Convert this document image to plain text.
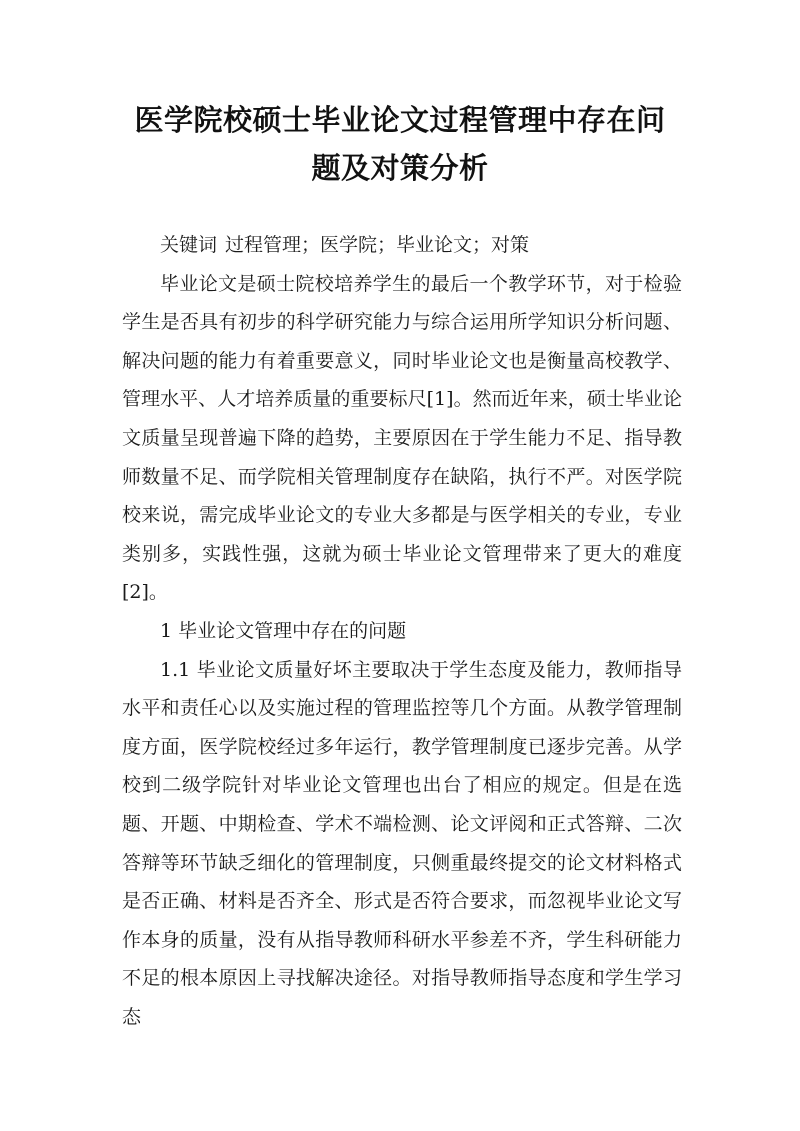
医学院校硕士毕业论文过程管理中存在问
题及对策分析

关键词 过程管理；医学院；毕业论文；对策

毕业论文是硕士院校培养学生的最后一个教学环节，对于检验学生是否具有初步的科学研究能力与综合运用所学知识分析问题、解决问题的能力有着重要意义，同时毕业论文也是衡量高校教学、管理水平、人才培养质量的重要标尺[1]。然而近年来，硕士毕业论文质量呈现普遍下降的趋势，主要原因在于学生能力不足、指导教师数量不足、而学院相关管理制度存在缺陷，执行不严。对医学院校来说，需完成毕业论文的专业大多都是与医学相关的专业，专业类别多，实践性强，这就为硕士毕业论文管理带来了更大的难度[2]。

1 毕业论文管理中存在的问题

1.1 毕业论文质量好坏主要取决于学生态度及能力，教师指导水平和责任心以及实施过程的管理监控等几个方面。从教学管理制度方面，医学院校经过多年运行，教学管理制度已逐步完善。从学校到二级学院针对毕业论文管理也出台了相应的规定。但是在选题、开题、中期检查、学术不端检测、论文评阅和正式答辩、二次答辩等环节缺乏细化的管理制度，只侧重最终提交的论文材料格式是否正确、材料是否齐全、形式是否符合要求，而忽视毕业论文写作本身的质量，没有从指导教师科研水平参差不齐，学生科研能力不足的根本原因上寻找解决途径。对指导教师指导态度和学生学习态
